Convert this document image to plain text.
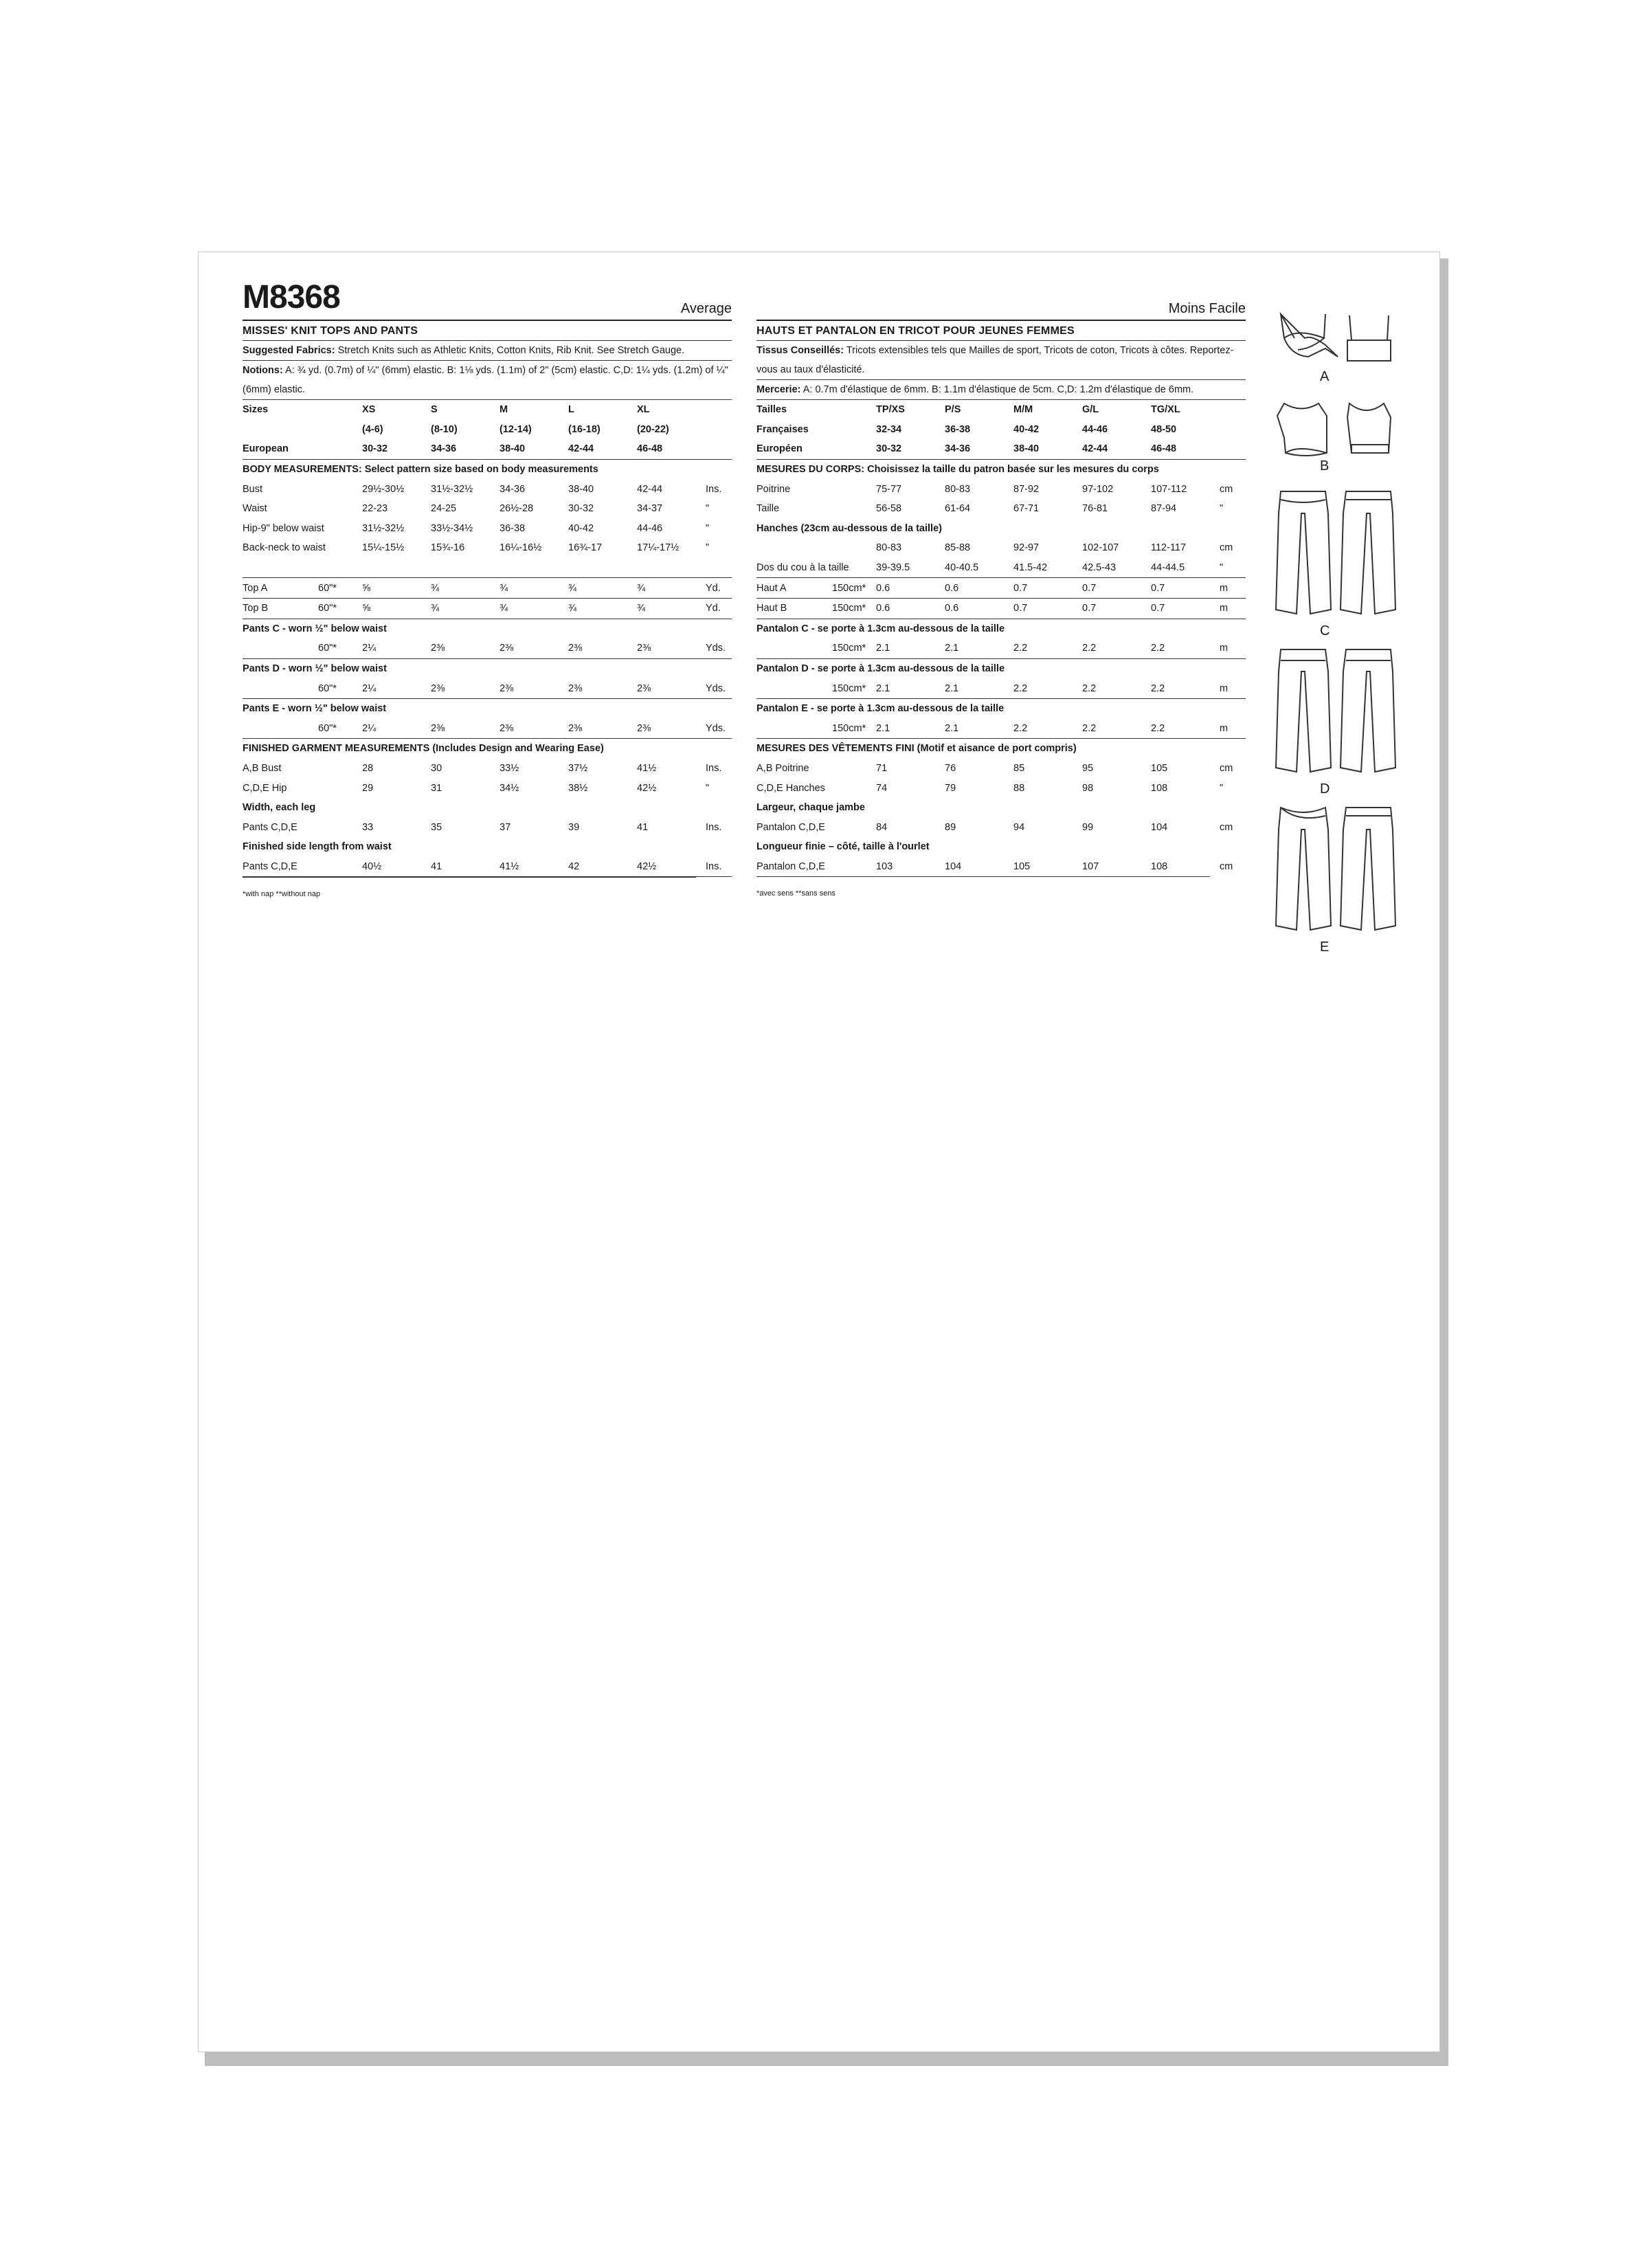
M8368	Average
MISSES' KNIT TOPS AND PANTS
Suggested Fabrics: Stretch Knits such as Athletic Knits, Cotton Knits, Rib Knit. See Stretch Gauge.
Notions: A: ¾ yd. (0.7m) of ¼" (6mm) elastic. B: 1⅛ yds. (1.1m) of 2" (5cm) elastic. C,D: 1¼ yds. (1.2m) of ¼" (6mm) elastic.
Sizes		XS	S	M	L	XL	
		(4-6)	(8-10)	(12-14)	(16-18)	(20-22)	
European		30-32	34-36	38-40	42-44	46-48	
BODY MEASUREMENTS: Select pattern size based on body measurements							
Bust		29½-30½	31½-32½	34-36	38-40	42-44	Ins.
Waist		22-23	24-25	26½-28	30-32	34-37	"
Hip-9" below waist		31½-32½	33½-34½	36-38	40-42	44-46	"
Back-neck to waist		15¼-15½	15¾-16	16¼-16½	16¾-17	17¼-17½	"

Top A	60"*	⅝	¾	¾	¾	¾	Yd.
Top B	60"*	⅝	¾	¾	¾	¾	Yd.
Pants C - worn ½" below waist							
	60"*	2¼	2⅜	2⅜	2⅜	2⅜	Yds.
Pants D - worn ½" below waist							
	60"*	2¼	2⅜	2⅜	2⅜	2⅜	Yds.
Pants E - worn ½" below waist							
	60"*	2¼	2⅜	2⅜	2⅜	2⅜	Yds.
FINISHED GARMENT MEASUREMENTS (Includes Design and Wearing Ease)							
A,B Bust		28	30	33½	37½	41½	Ins.
C,D,E Hip		29	31	34½	38½	42½	"
Width, each leg							
Pants C,D,E		33	35	37	39	41	Ins.
Finished side length from waist							
Pants C,D,E		40½	41	41½	42	42½	Ins.
*with nap **without nap
Moins Facile
HAUTS ET PANTALON EN TRICOT POUR JEUNES FEMMES
Tissus Conseillés: Tricots extensibles tels que Mailles de sport, Tricots de coton, Tricots à côtes. Reportez-vous au taux d'élasticité.
Mercerie: A: 0.7m d'élastique de 6mm. B: 1.1m d'élastique de 5cm. C,D: 1.2m d'élastique de 6mm.
Tailles		TP/XS	P/S	M/M	G/L	TG/XL	
Françaises		32-34	36-38	40-42	44-46	48-50	
Européen		30-32	34-36	38-40	42-44	46-48	
MESURES DU CORPS: Choisissez la taille du patron basée sur les mesures du corps							
Poitrine		75-77	80-83	87-92	97-102	107-112	cm
Taille		56-58	61-64	67-71	76-81	87-94	"
Hanches (23cm au-dessous de la taille)							
		80-83	85-88	92-97	102-107	112-117	cm
Dos du cou à la taille		39-39.5	40-40.5	41.5-42	42.5-43	44-44.5	"
Haut A	150cm*	0.6	0.6	0.7	0.7	0.7	m
Haut B	150cm*	0.6	0.6	0.7	0.7	0.7	m
Pantalon C - se porte à 1.3cm au-dessous de la taille							
	150cm*	2.1	2.1	2.2	2.2	2.2	m
Pantalon D - se porte à 1.3cm au-dessous de la taille							
	150cm*	2.1	2.1	2.2	2.2	2.2	m
Pantalon E - se porte à 1.3cm au-dessous de la taille							
	150cm*	2.1	2.1	2.2	2.2	2.2	m
MESURES DES VÊTEMENTS FINI (Motif et aisance de port compris)							
A,B Poitrine		71	76	85	95	105	cm
C,D,E Hanches		74	79	88	98	108	"
Largeur, chaque jambe							
Pantalon C,D,E		84	89	94	99	104	cm
Longueur finie – côté, taille à l'ourlet							
Pantalon C,D,E		103	104	105	107	108	cm
*avec sens **sans sens
A
B
C
D
E
